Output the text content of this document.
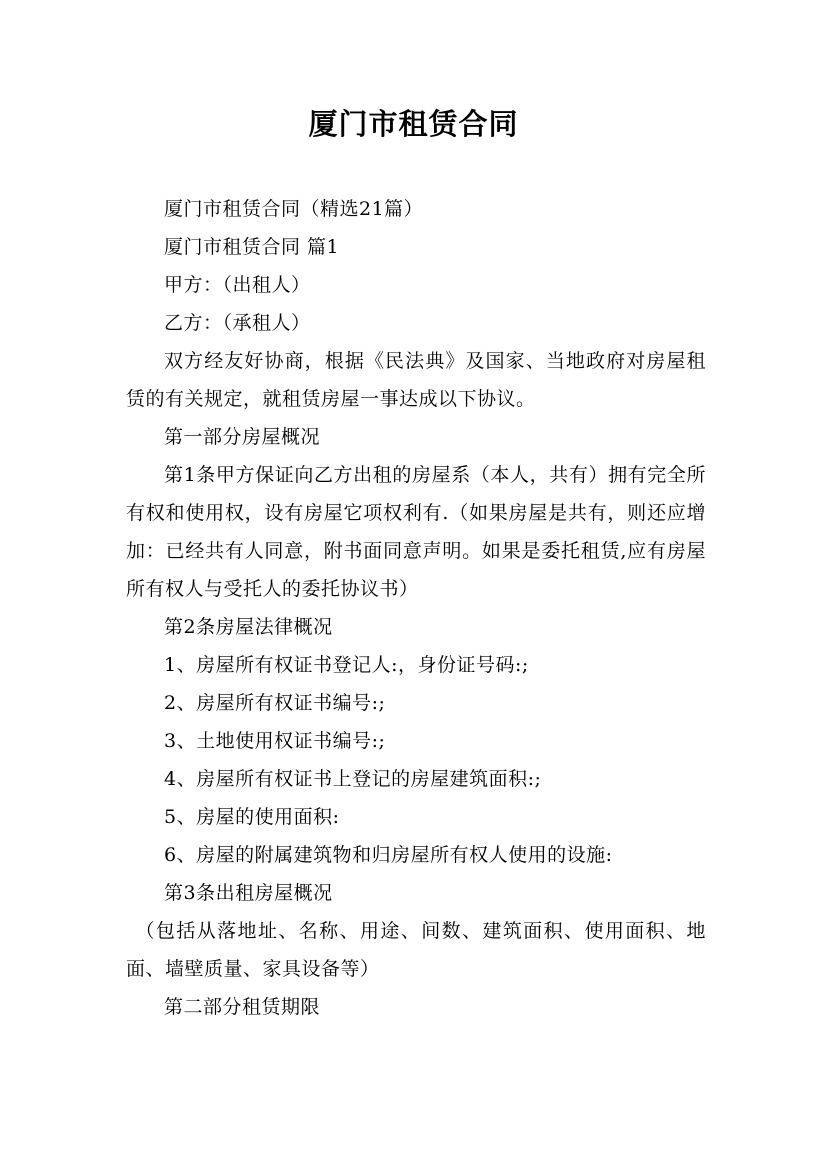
厦门市租赁合同

厦门市租赁合同（精选21篇）

厦门市租赁合同 篇1

甲方：（出租人）

乙方：（承租人）

双方经友好协商，根据《民法典》及国家、当地政府对房屋租赁的有关规定，就租赁房屋一事达成以下协议。

第一部分房屋概况

第1条甲方保证向乙方出租的房屋系（本人，共有）拥有完全所有权和使用权，设有房屋它项权利有.（如果房屋是共有，则还应增加：已经共有人同意，附书面同意声明。如果是委托租赁,应有房屋所有权人与受托人的委托协议书）

第2条房屋法律概况

1、房屋所有权证书登记人:，身份证号码:;

2、房屋所有权证书编号:;

3、土地使用权证书编号:;

4、房屋所有权证书上登记的房屋建筑面积:;

5、房屋的使用面积:

6、房屋的附属建筑物和归房屋所有权人使用的设施:

第3条出租房屋概况

（包括从落地址、名称、用途、间数、建筑面积、使用面积、地面、墙壁质量、家具设备等）

第二部分租赁期限
